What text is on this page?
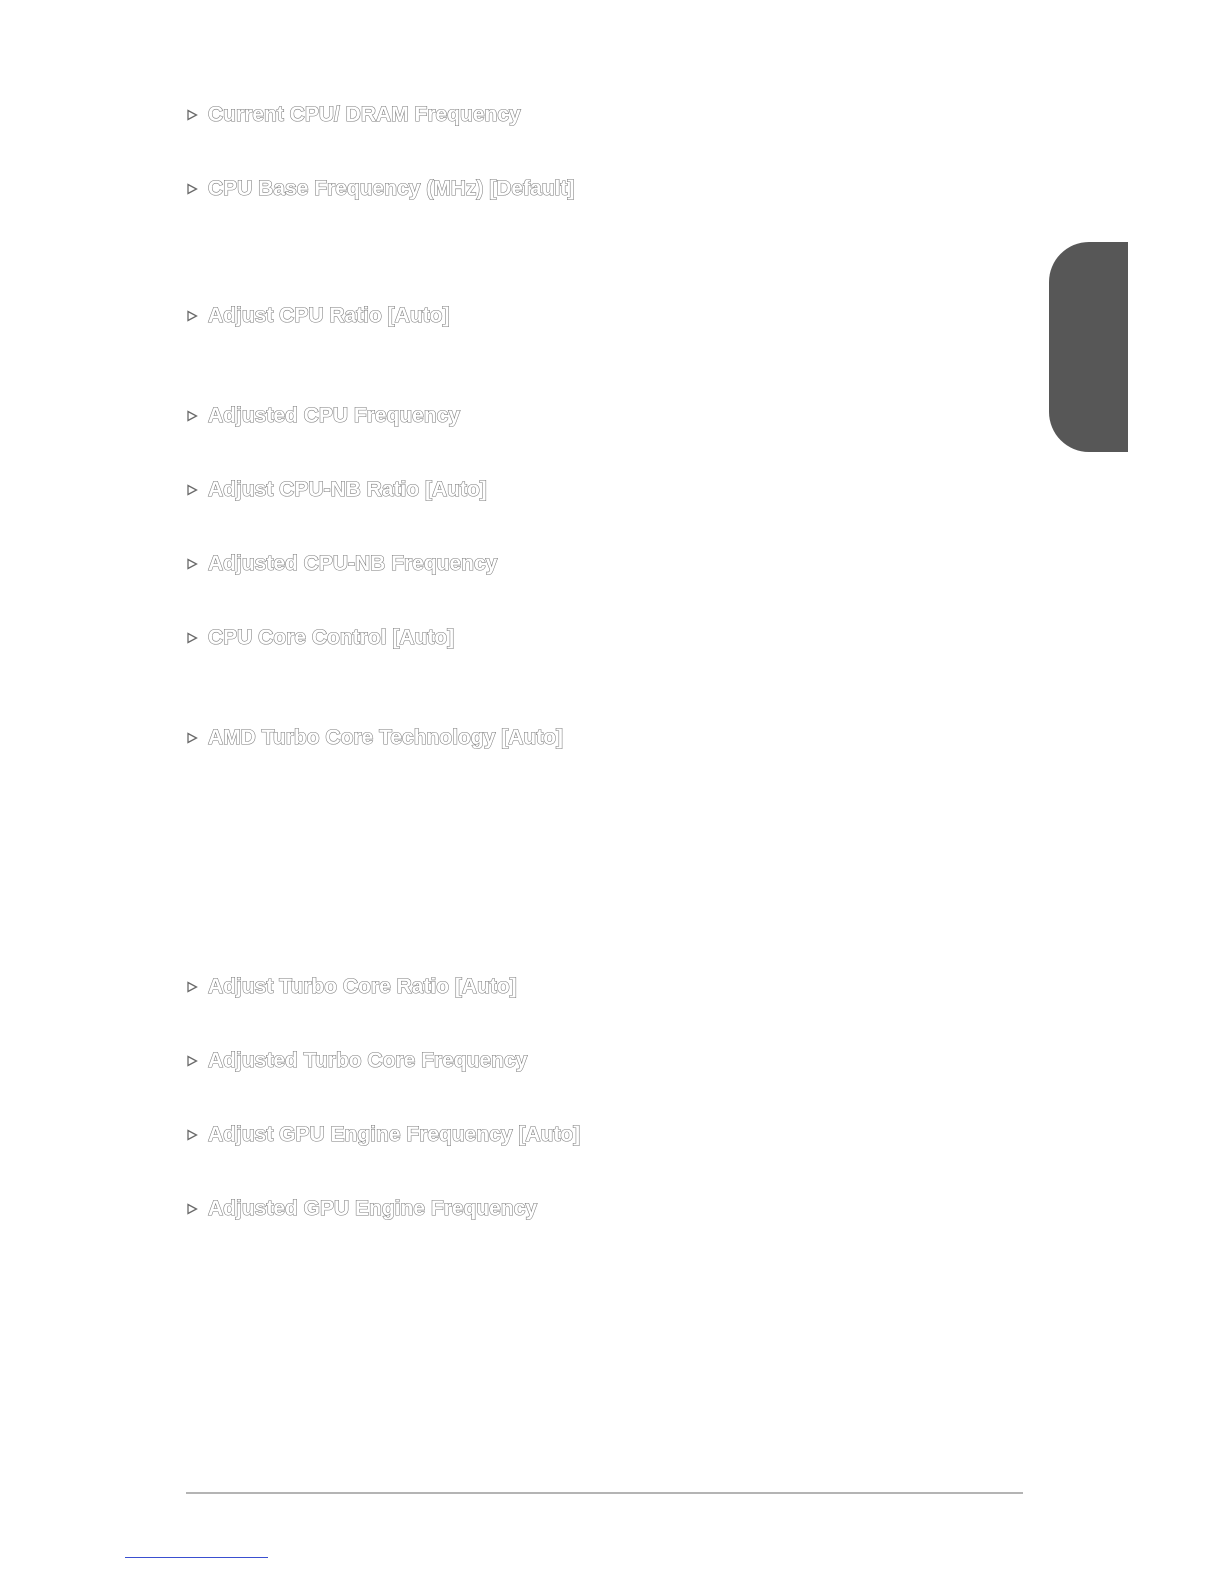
Current CPU/ DRAM Frequency
CPU Base Frequency (MHz) [Default]
Adjust CPU Ratio [Auto]
Adjusted CPU Frequency
Adjust CPU-NB Ratio [Auto]
Adjusted CPU-NB Frequency
CPU Core Control [Auto]
AMD Turbo Core Technology [Auto]
Adjust Turbo Core Ratio [Auto]
Adjusted Turbo Core Frequency
Adjust GPU Engine Frequency [Auto]
Adjusted GPU Engine Frequency
